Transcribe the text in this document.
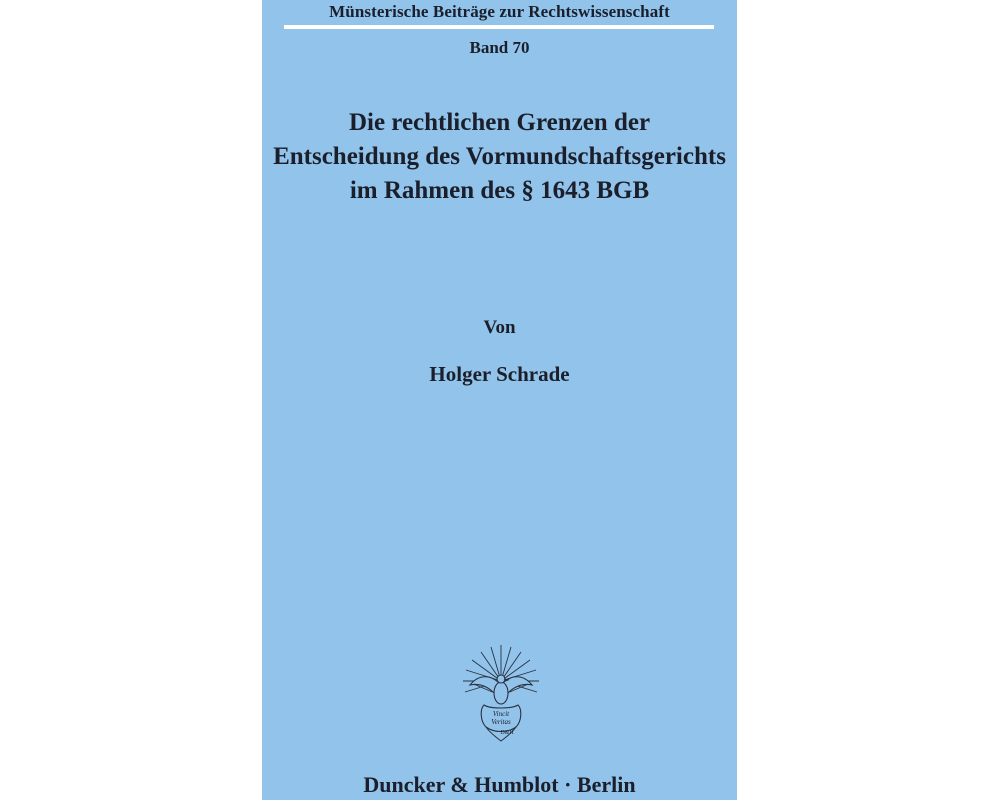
Münsterische Beiträge zur Rechtswissenschaft
Band 70
Die rechtlichen Grenzen der
Entscheidung des Vormundschaftsgerichts
im Rahmen des § 1643 BGB
Von
Holger Schrade
Vincit
Veritas
D&H
Duncker & Humblot · Berlin
